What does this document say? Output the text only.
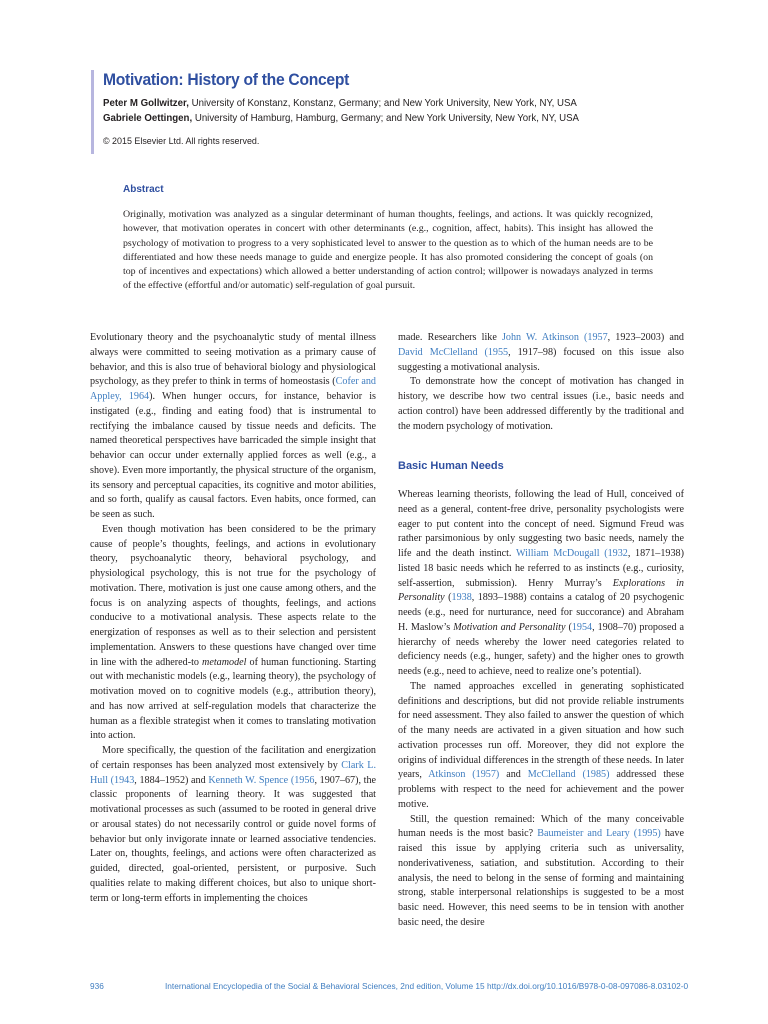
Motivation: History of the Concept
Peter M Gollwitzer, University of Konstanz, Konstanz, Germany; and New York University, New York, NY, USA
Gabriele Oettingen, University of Hamburg, Hamburg, Germany; and New York University, New York, NY, USA
© 2015 Elsevier Ltd. All rights reserved.
Abstract
Originally, motivation was analyzed as a singular determinant of human thoughts, feelings, and actions. It was quickly recognized, however, that motivation operates in concert with other determinants (e.g., cognition, affect, habits). This insight has allowed the psychology of motivation to progress to a very sophisticated level to answer to the question as to which of the human needs are to be differentiated and how these needs manage to guide and energize people. It has also promoted considering the concept of goals (on top of incentives and expectations) which allowed a better understanding of action control; willpower is nowadays analyzed in terms of the effective (effortful and/or automatic) self-regulation of goal pursuit.

Evolutionary theory and the psychoanalytic study of mental illness always were committed to seeing motivation as a primary cause of behavior, and this is also true of behavioral biology and physiological psychology, as they prefer to think in terms of homeostasis (Cofer and Appley, 1964). When hunger occurs, for instance, behavior is instigated (e.g., finding and eating food) that is instrumental to rectifying the imbalance caused by tissue needs and deficits. The named theoretical perspectives have barricaded the simple insight that behavior can occur under externally applied forces as well (e.g., a shove). Even more importantly, the physical structure of the organism, its sensory and perceptual capacities, its cognitive and motor abilities, and so forth, qualify as causal factors. Even habits, once formed, can be seen as such.

Even though motivation has been considered to be the primary cause of people’s thoughts, feelings, and actions in evolutionary theory, psychoanalytic theory, behavioral psychology, and physiological psychology, this is not true for the psychology of motivation. There, motivation is just one cause among others, and the focus is on analyzing aspects of thoughts, feelings, and actions conducive to a motivational analysis. These aspects relate to the energization of responses as well as to their selection and persistent implementation. Answers to these questions have changed over time in line with the adhered-to metamodel of human functioning. Starting out with mechanistic models (e.g., learning theory), the psychology of motivation moved on to cognitive models (e.g., attribution theory), and has now arrived at self-regulation models that characterize the human as a flexible strategist when it comes to translating motivation into action.

More specifically, the question of the facilitation and energization of certain responses has been analyzed most extensively by Clark L. Hull (1943, 1884–1952) and Kenneth W. Spence (1956, 1907–67), the classic proponents of learning theory. It was suggested that motivational processes as such (assumed to be rooted in general drive or arousal states) do not necessarily control or guide novel forms of behavior but only invigorate innate or learned associative tendencies. Later on, thoughts, feelings, and actions were often characterized as guided, directed, goal-oriented, persistent, or purposive. Such qualities relate to making different choices, but also to unique short-term or long-term efforts in implementing the choices

made. Researchers like John W. Atkinson (1957, 1923–2003) and David McClelland (1955, 1917–98) focused on this issue also suggesting a motivational analysis.

To demonstrate how the concept of motivation has changed in history, we describe how two central issues (i.e., basic needs and action control) have been addressed differently by the traditional and the modern psychology of motivation.

Basic Human Needs

Whereas learning theorists, following the lead of Hull, conceived of need as a general, content-free drive, personality psychologists were eager to put content into the concept of need. Sigmund Freud was rather parsimonious by only suggesting two basic needs, namely the life and the death instinct. William McDougall (1932, 1871–1938) listed 18 basic needs which he referred to as instincts (e.g., curiosity, self-assertion, submission). Henry Murray’s Explorations in Personality (1938, 1893–1988) contains a catalog of 20 psychogenic needs (e.g., need for nurturance, need for succorance) and Abraham H. Maslow’s Motivation and Personality (1954, 1908–70) proposed a hierarchy of needs whereby the lower need categories related to deficiency needs (e.g., hunger, safety) and the higher ones to growth needs (e.g., need to achieve, need to realize one’s potential).

The named approaches excelled in generating sophisticated definitions and descriptions, but did not provide reliable instruments for need assessment. They also failed to answer the question of which of the many needs are activated in a given situation and how such activation processes run off. Moreover, they did not explore the origins of individual differences in the strength of these needs. In later years, Atkinson (1957) and McClelland (1985) addressed these problems with respect to the need for achievement and the power motive.

Still, the question remained: Which of the many conceivable human needs is the most basic? Baumeister and Leary (1995) have raised this issue by applying criteria such as universality, nonderivativeness, satiation, and substitution. According to their analysis, the need to belong in the sense of forming and maintaining strong, stable interpersonal relationships is suggested to be a most basic need. However, this need seems to be in tension with another basic need, the desire

936	International Encyclopedia of the Social & Behavioral Sciences, 2nd edition, Volume 15 http://dx.doi.org/10.1016/B978-0-08-097086-8.03102-0
